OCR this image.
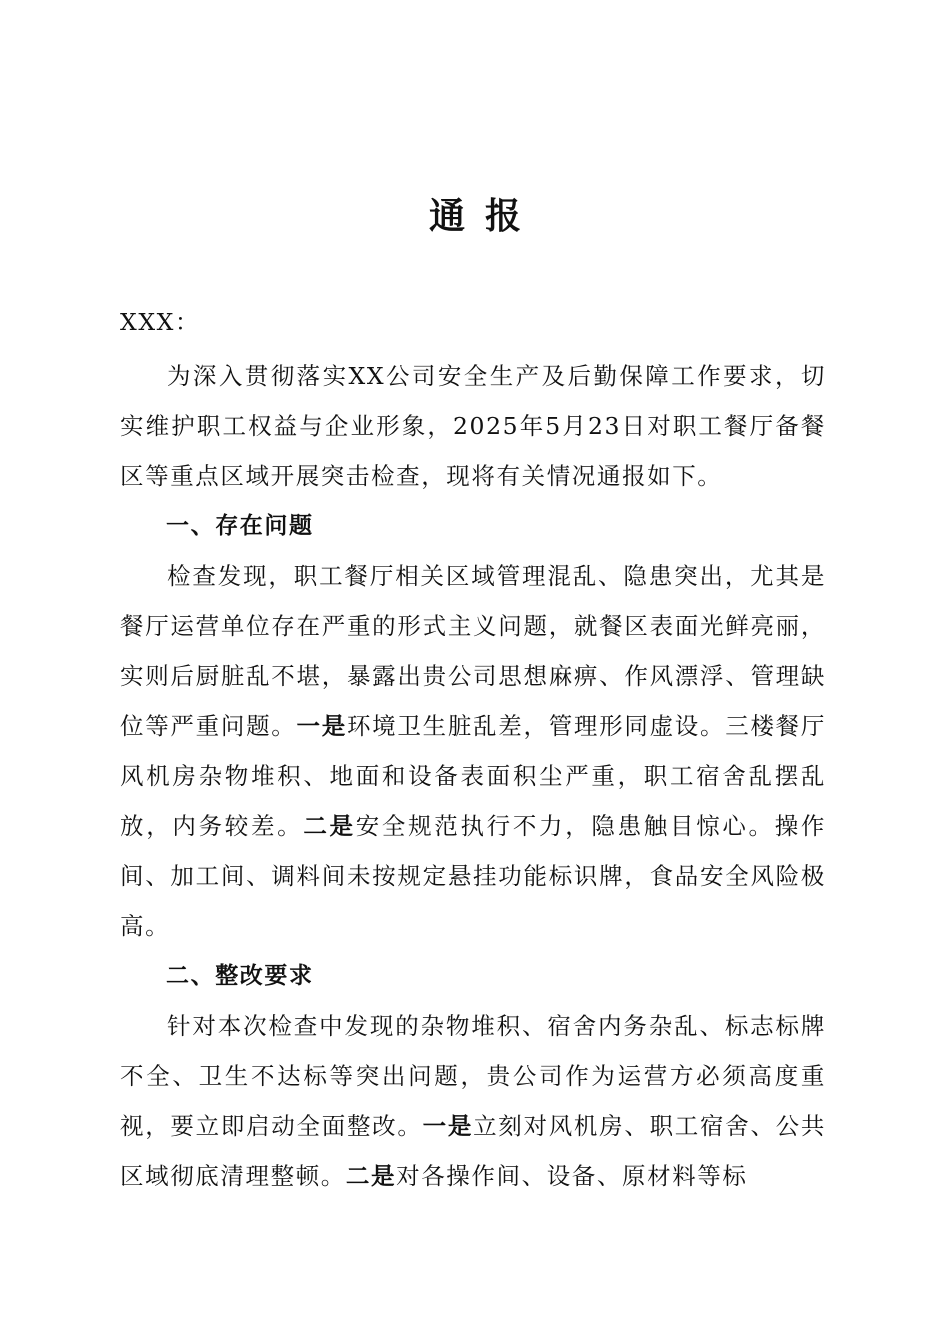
通报

XXX：

为深入贯彻落实XX公司安全生产及后勤保障工作要求，切实维护职工权益与企业形象，2025年5月23日对职工餐厅备餐区等重点区域开展突击检查，现将有关情况通报如下。

一、存在问题

检查发现，职工餐厅相关区域管理混乱、隐患突出，尤其是餐厅运营单位存在严重的形式主义问题，就餐区表面光鲜亮丽，实则后厨脏乱不堪，暴露出贵公司思想麻痹、作风漂浮、管理缺位等严重问题。一是环境卫生脏乱差，管理形同虚设。三楼餐厅风机房杂物堆积、地面和设备表面积尘严重，职工宿舍乱摆乱放，内务较差。二是安全规范执行不力，隐患触目惊心。操作间、加工间、调料间未按规定悬挂功能标识牌，食品安全风险极高。

二、整改要求

针对本次检查中发现的杂物堆积、宿舍内务杂乱、标志标牌不全、卫生不达标等突出问题，贵公司作为运营方必须高度重视，要立即启动全面整改。一是立刻对风机房、职工宿舍、公共区域彻底清理整顿。二是对各操作间、设备、原材料等标
